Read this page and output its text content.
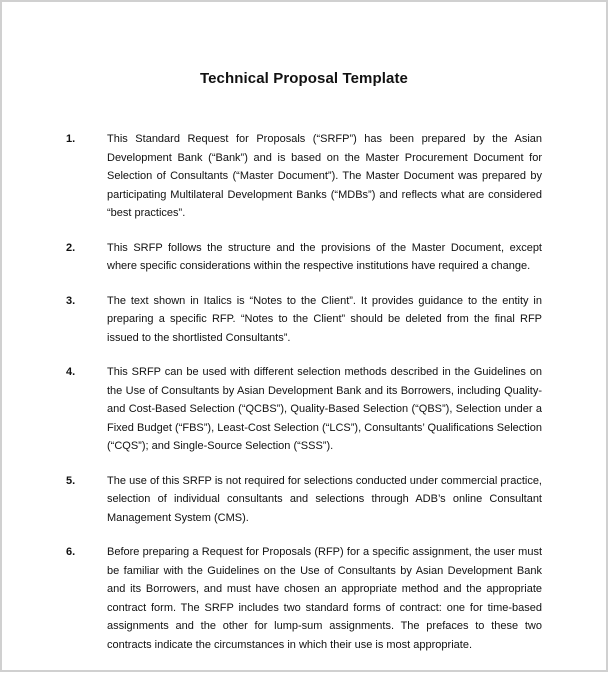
Technical Proposal Template
1.	This Standard Request for Proposals (“SRFP”) has been prepared by the Asian Development Bank (“Bank”) and is based on the Master Procurement Document for Selection of Consultants (“Master Document”). The Master Document was prepared by participating Multilateral Development Banks (“MDBs”) and reflects what are considered “best practices”.
2.	This SRFP follows the structure and the provisions of the Master Document, except where specific considerations within the respective institutions have required a change.
3.	The text shown in Italics is “Notes to the Client”. It provides guidance to the entity in preparing a specific RFP. “Notes to the Client” should be deleted from the final RFP issued to the shortlisted Consultants”.
4.	This SRFP can be used with different selection methods described in the Guidelines on the Use of Consultants by Asian Development Bank and its Borrowers, including Quality- and Cost-Based Selection (“QCBS”), Quality-Based Selection (“QBS”), Selection under a Fixed Budget (“FBS”), Least-Cost Selection (“LCS”), Consultants’ Qualifications Selection (“CQS”); and Single-Source Selection (“SSS”).
5.	The use of this SRFP is not required for selections conducted under commercial practice, selection of individual consultants and selections through ADB’s online Consultant Management System (CMS).
6.	Before preparing a Request for Proposals (RFP) for a specific assignment, the user must be familiar with the Guidelines on the Use of Consultants by Asian Development Bank and its Borrowers, and must have chosen an appropriate method and the appropriate contract form. The SRFP includes two standard forms of contract: one for time-based assignments and the other for lump-sum assignments. The prefaces to these two contracts indicate the circumstances in which their use is most appropriate.
